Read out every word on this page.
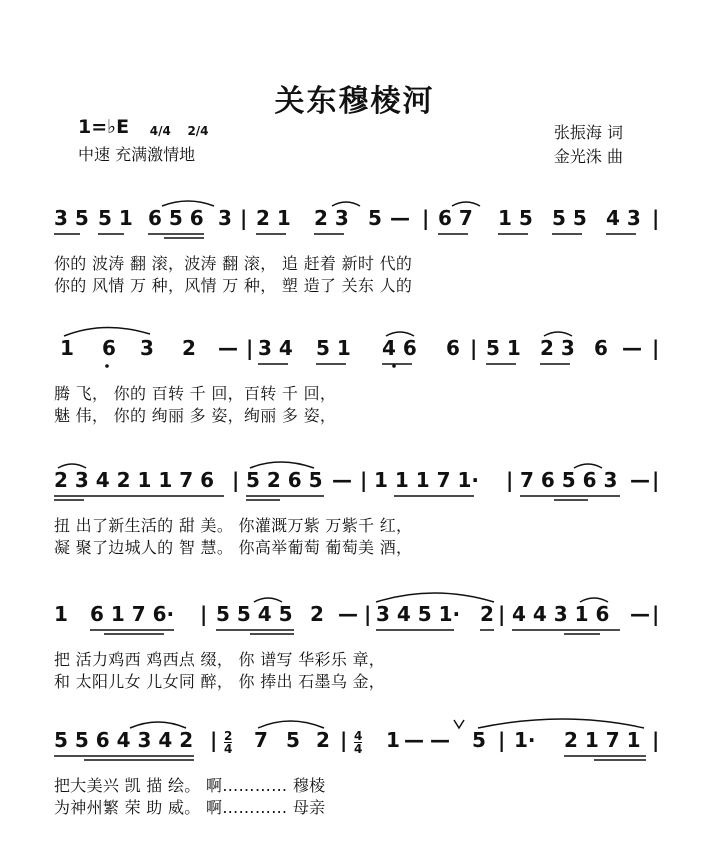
关东穆棱河
1=♭E 4/4 2/4
中速 充满激情地
张振海 词
金光洙 曲
3 5 5 1 6 5 6 3 | 2 1 2 3 5 — | 6 7 1 5 5 5 4 3 |
你的 波涛 翻 滚，波涛 翻 滚， 追 赶着 新时 代的
你的 风情 万 种，风情 万 种， 塑 造了 关东 人的
1 6 3 2 — | 3 4 5 1 4 6 6 | 5 1 2 3 6 — |
腾 飞， 你的 百转 千 回，百转 千 回，
魅 伟， 你的 绚丽 多 姿，绚丽 多 姿，
2 3 4 2 1 1 7 6 | 5 2 6 5 — | 1 1 1 7 1· | 7 6 5 6 3 — |
扭 出了新生活的 甜 美。 你灌溉万紫 万紫千 红，
凝 聚了边城人的 智 慧。 你高举葡萄 葡萄美 酒，
1 6 1 7 6· | 5 5 4 5 2 — | 3 4 5 1· 2 | 4 4 3 1 6 — |
把 活力鸡西 鸡西点 缀， 你 谱写 华彩乐 章，
和 太阳儿女 儿女同 醉， 你 捧出 石墨乌 金，
5 5 6 4 3 4 2 | 2
4 7 5 2 | 4
4 1 — — 5 | 1· 2 1 7 1 |
把大美兴 凯 描 绘。 啊………… 穆棱
为神州繁 荣 助 威。 啊………… 母亲
